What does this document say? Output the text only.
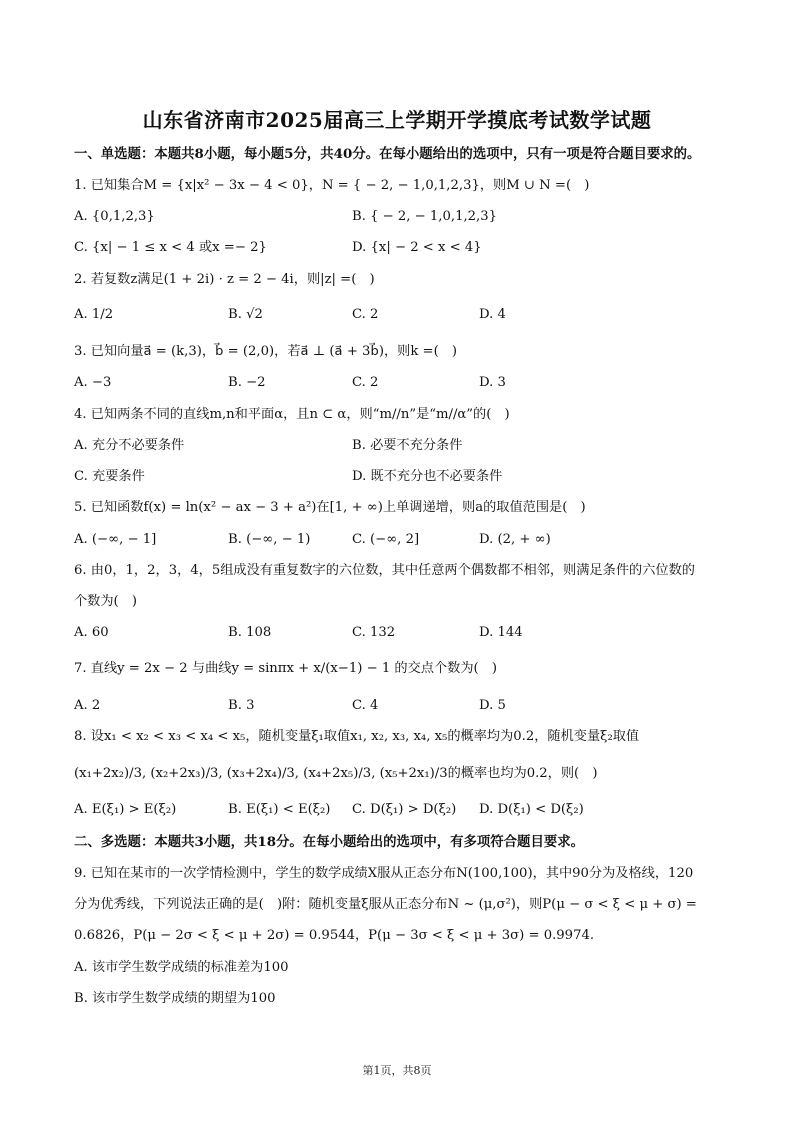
山东省济南市2025届高三上学期开学摸底考试数学试题
一、单选题：本题共8小题，每小题5分，共40分。在每小题给出的选项中，只有一项是符合题目要求的。
1. 已知集合M = {x|x² − 3x − 4 < 0}，N = { − 2, − 1,0,1,2,3}，则M ∪ N =(　)
A. {0,1,2,3}	B. { − 2, − 1,0,1,2,3}
C. {x| − 1 ≤ x < 4 或x =− 2}	D. {x| − 2 < x < 4}
2. 若复数z满足(1 + 2i) · z = 2 − 4i，则|z| =(　)
A. 1/2	B. √2	C. 2	D. 4
3. 已知向量a⃗ = (k,3)，b⃗ = (2,0)，若a⃗ ⊥ (a⃗ + 3b⃗)，则k =(　)
A. −3	B. −2	C. 2	D. 3
4. 已知两条不同的直线m,n和平面α，且n ⊂ α，则“m//n”是“m//α”的(　)
A. 充分不必要条件	B. 必要不充分条件
C. 充要条件	D. 既不充分也不必要条件
5. 已知函数f(x) = ln(x² − ax − 3 + a²)在[1, + ∞)上单调递增，则a的取值范围是(　)
A. (−∞, − 1]	B. (−∞, − 1)	C. (−∞, 2]	D. (2, + ∞)
6. 由0，1，2，3，4，5组成没有重复数字的六位数，其中任意两个偶数都不相邻，则满足条件的六位数的
个数为(　)
A. 60	B. 108	C. 132	D. 144
7. 直线y = 2x − 2 与曲线y = sinπx + x/(x−1) − 1 的交点个数为(　)
A. 2	B. 3	C. 4	D. 5
8. 设x₁ < x₂ < x₃ < x₄ < x₅，随机变量ξ₁取值x₁, x₂, x₃, x₄, x₅的概率均为0.2，随机变量ξ₂取值
(x₁+2x₂)/3, (x₂+2x₃)/3, (x₃+2x₄)/3, (x₄+2x₅)/3, (x₅+2x₁)/3的概率也均为0.2，则(　)
A. E(ξ₁) > E(ξ₂)	B. E(ξ₁) < E(ξ₂) C. D(ξ₁) > D(ξ₂) D. D(ξ₁) < D(ξ₂)
二、多选题：本题共3小题，共18分。在每小题给出的选项中，有多项符合题目要求。
9. 已知在某市的一次学情检测中，学生的数学成绩X服从正态分布N(100,100)，其中90分为及格线，120
分为优秀线，下列说法正确的是(　)附：随机变量ξ服从正态分布N ~ (μ,σ²)，则P(μ − σ < ξ < μ + σ) =
0.6826，P(μ − 2σ < ξ < μ + 2σ) = 0.9544，P(μ − 3σ < ξ < μ + 3σ) = 0.9974.
A. 该市学生数学成绩的标准差为100
B. 该市学生数学成绩的期望为100
第1页，共8页
